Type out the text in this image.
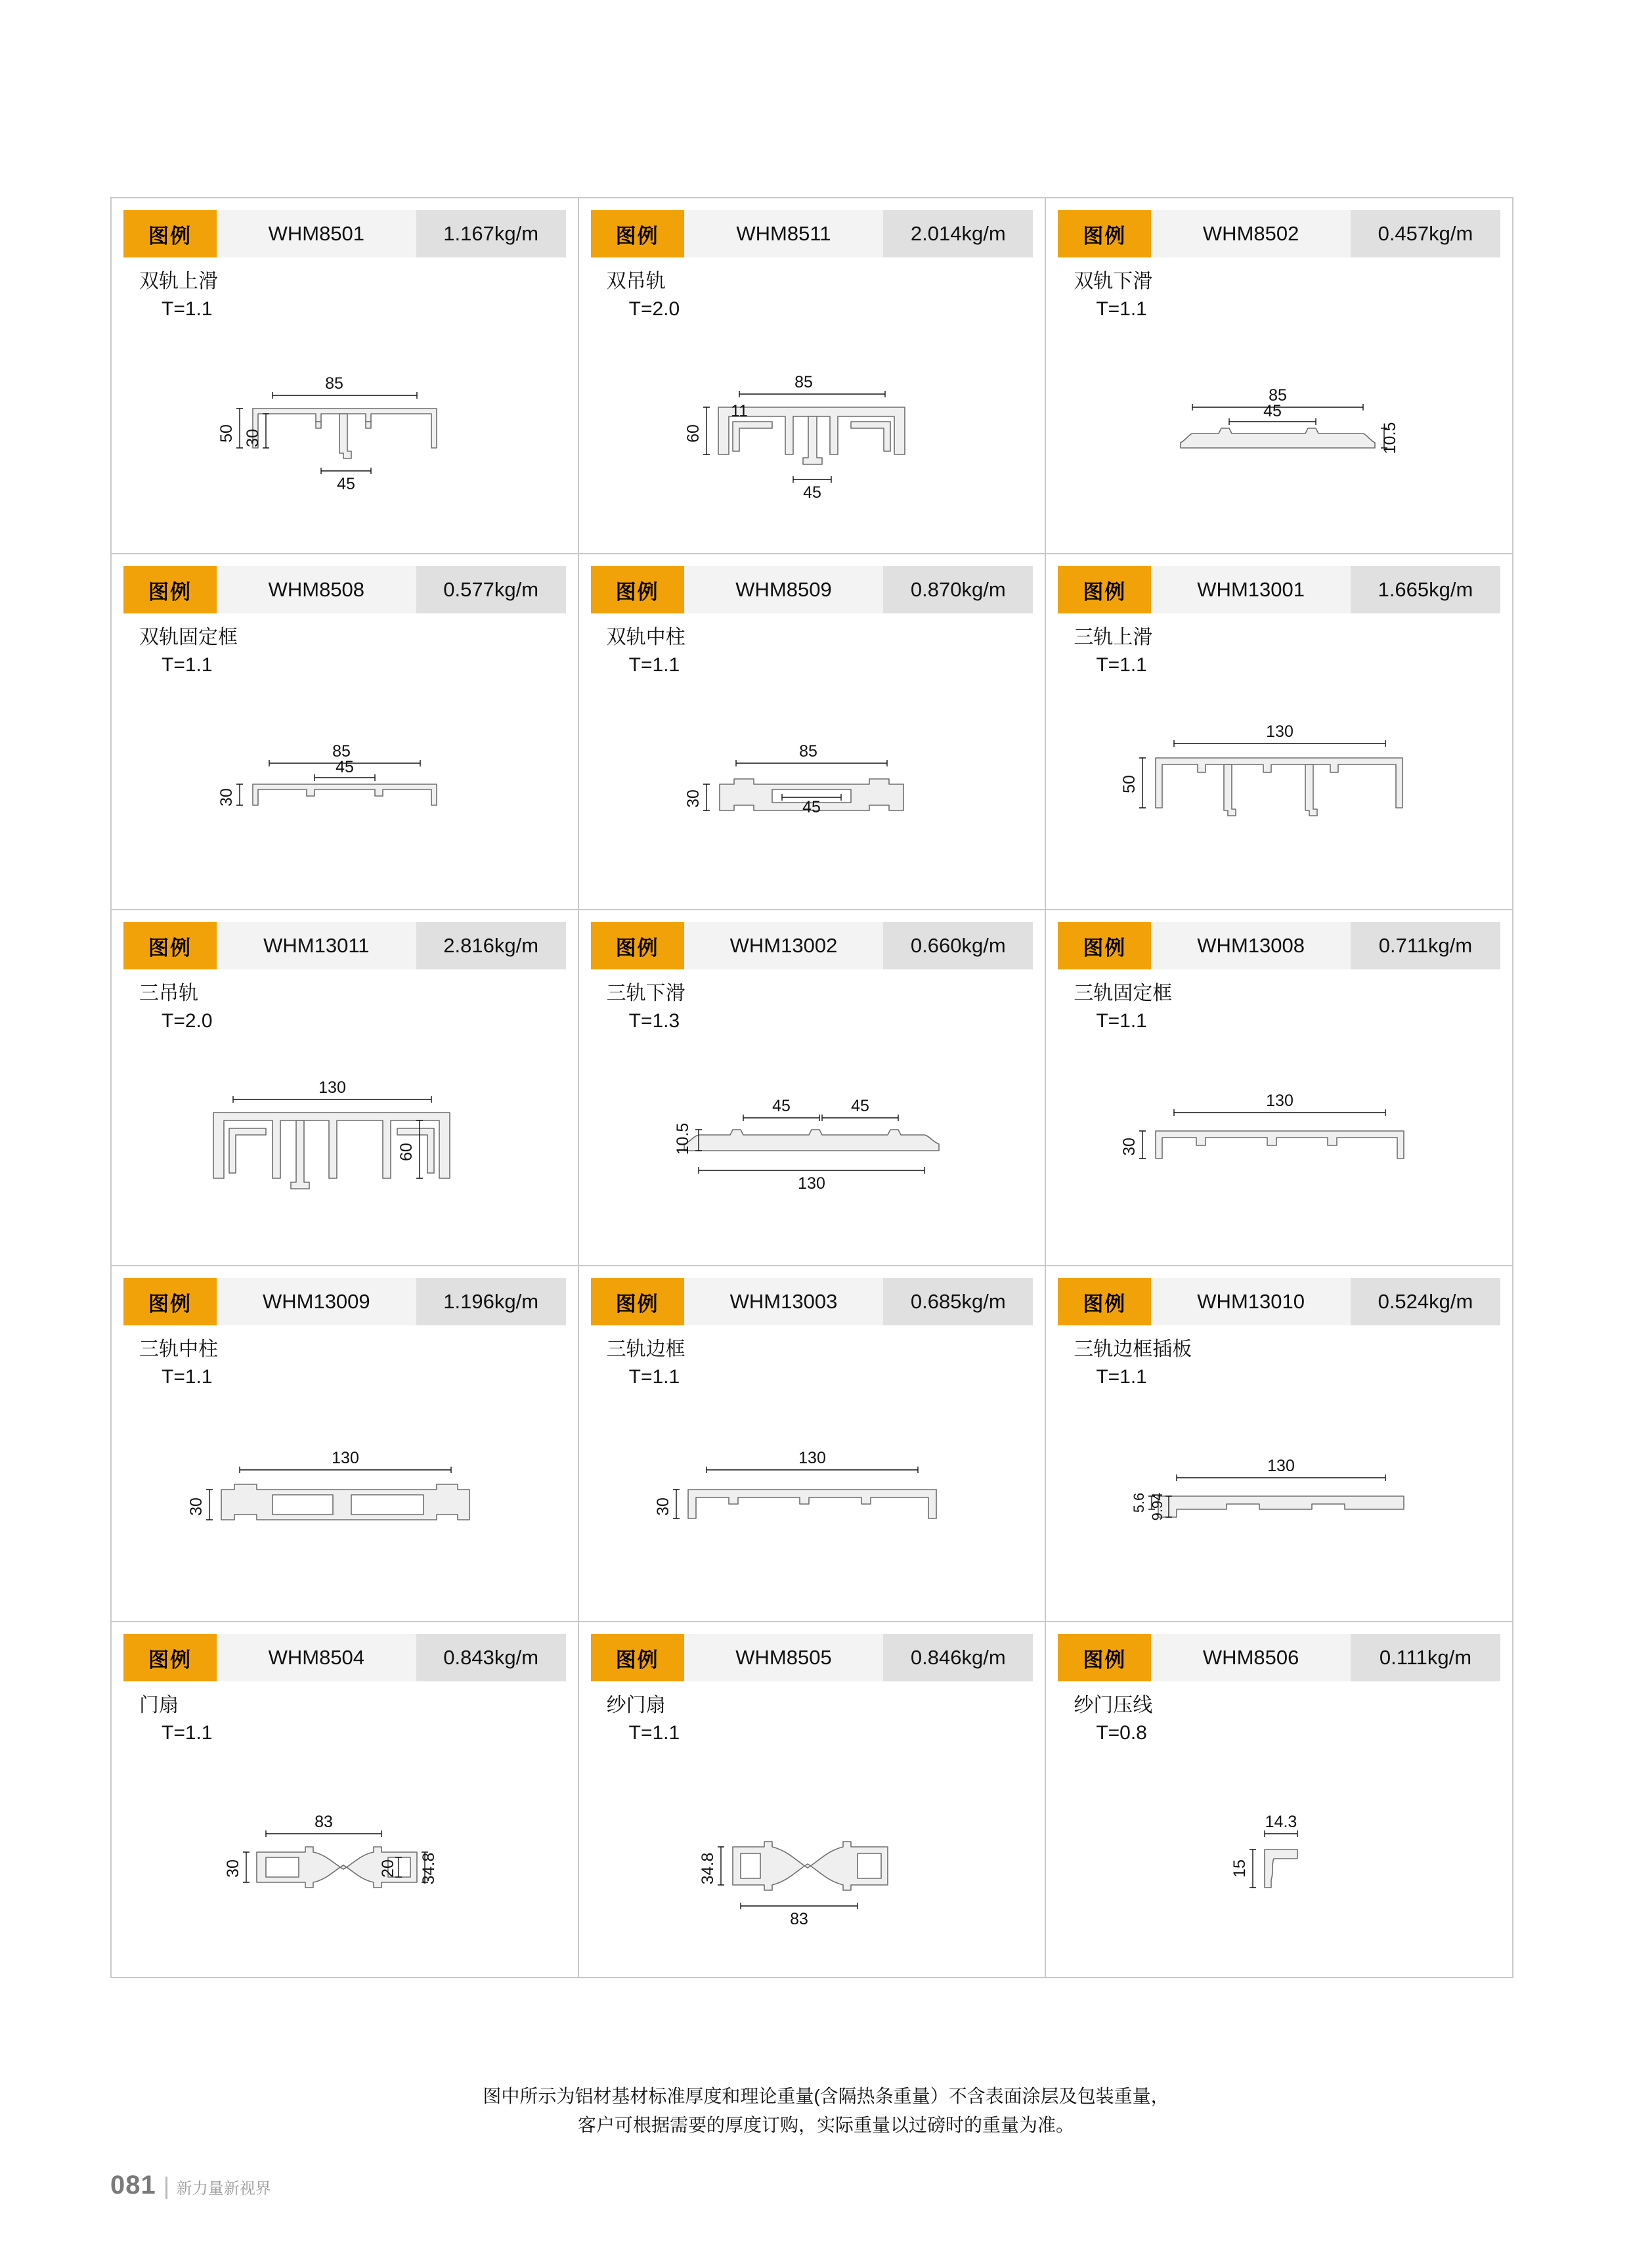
图例	WHM8501	1.167kg/m
双轨上滑
T=1.1
85
50 30
45
图例	WHM8511	2.014kg/m
双吊轨
T=2.0
85
60
11
45
图例	WHM8502	0.457kg/m
双轨下滑
T=1.1
85
45
10.5
图例	WHM8508	0.577kg/m
双轨固定框
T=1.1
85
45
30
图例	WHM8509	0.870kg/m
双轨中柱
T=1.1
85
45
30
图例	WHM13001	1.665kg/m
三轨上滑
T=1.1
130
50
图例	WHM13011	2.816kg/m
三吊轨
T=2.0
130
60
图例	WHM13002	0.660kg/m
三轨下滑
T=1.3
45	45
10.5
130
图例	WHM13008	0.711kg/m
三轨固定框
T=1.1
130
30
图例	WHM13009	1.196kg/m
三轨中柱
T=1.1
130
30
图例	WHM13003	0.685kg/m
三轨边框
T=1.1
130
30
图例	WHM13010	0.524kg/m
三轨边框插板
T=1.1
130
5.6 9.94
图例	WHM8504	0.843kg/m
门扇
T=1.1
83
30	20 34.8
图例	WHM8505	0.846kg/m
纱门扇
T=1.1
34.8
83
图例	WHM8506	0.111kg/m
纱门压线
T=0.8
14.3
15
图中所示为铝材基材标准厚度和理论重量(含隔热条重量）不含表面涂层及包装重量，
客户可根据需要的厚度订购，实际重量以过磅时的重量为准。
081 新力量新视界
